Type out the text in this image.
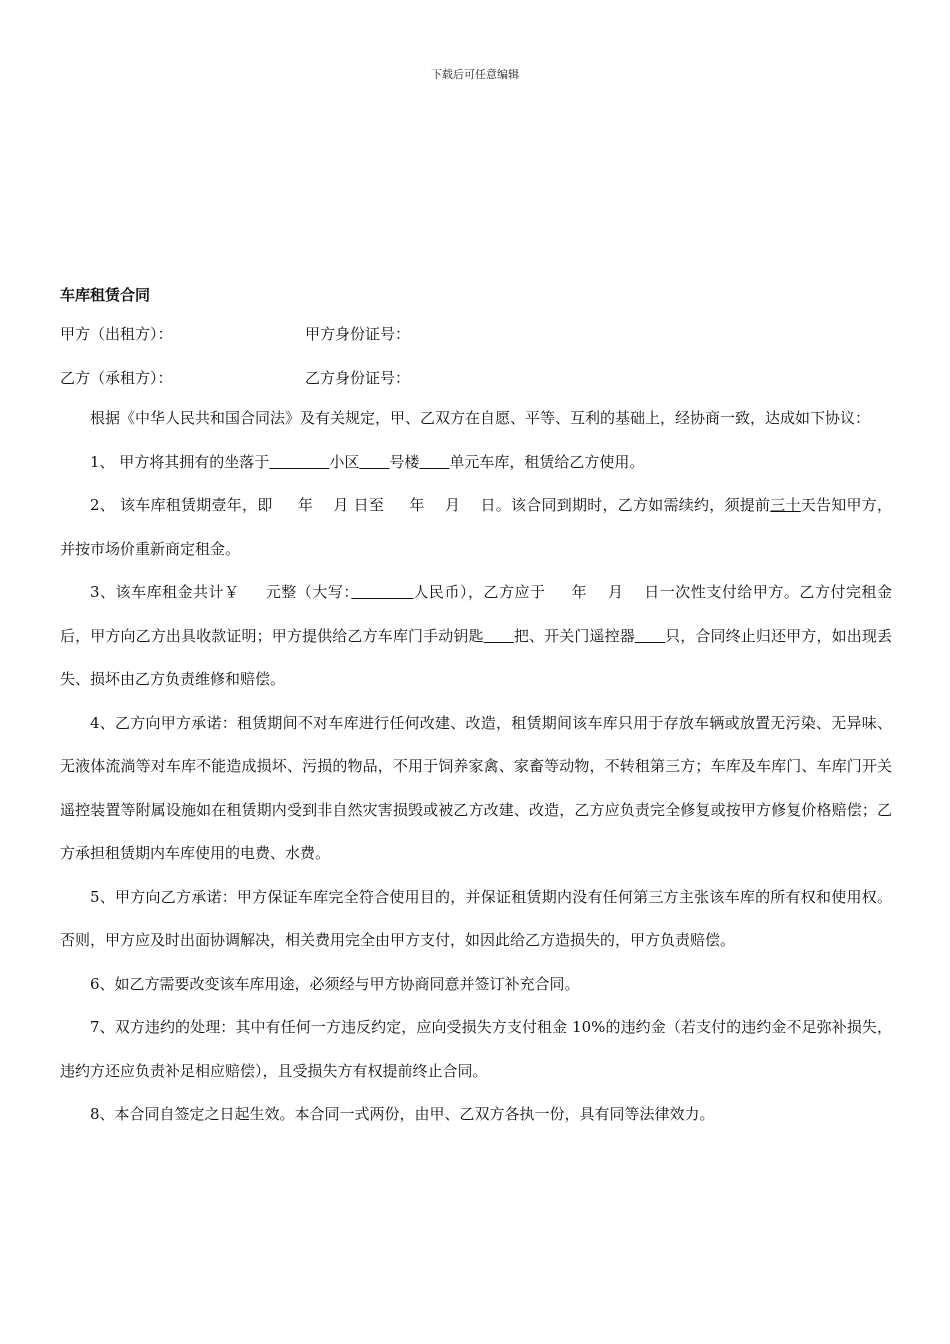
下载后可任意编辑
车库租赁合同
甲方（出租方）：	甲方身份证号：
乙方（承租方）：	乙方身份证号：

根据《中华人民共和国合同法》及有关规定，甲、乙双方在自愿、平等、互利的基础上，经协商一致，达成如下协议：

1、 甲方将其拥有的坐落于　　　　	小区　　 号楼　　 单元车库，租赁给乙方使用。

2、 该车库租赁期壹年，即 　 年 　月 日至 　 年 　月 　日。该合同到期时，乙方如需续约，须提前三十天告知甲方，并按市场价重新商定租金。

3、该车库租金共计￥ 　 元整（大写：　　　　	人民币），乙方应于 　 年 　月 　日一次性支付给甲方。乙方付完租金后，甲方向乙方出具收款证明；甲方提供给乙方车库门手动钥匙　　 把、开关门遥控器　　 只，合同终止归还甲方，如出现丢失、损坏由乙方负责维修和赔偿。

4、乙方向甲方承诺：租赁期间不对车库进行任何改建、改造，租赁期间该车库只用于存放车辆或放置无污染、无异味、无液体流淌等对车库不能造成损坏、污损的物品，不用于饲养家禽、家畜等动物，不转租第三方；车库及车库门、车库门开关遥控装置等附属设施如在租赁期内受到非自然灾害损毁或被乙方改建、改造，乙方应负责完全修复或按甲方修复价格赔偿；乙方承担租赁期内车库使用的电费、水费。

5、甲方向乙方承诺：甲方保证车库完全符合使用目的，并保证租赁期内没有任何第三方主张该车库的所有权和使用权。否则，甲方应及时出面协调解决，相关费用完全由甲方支付，如因此给乙方造损失的，甲方负责赔偿。

6、如乙方需要改变该车库用途，必须经与甲方协商同意并签订补充合同。

7、双方违约的处理：其中有任何一方违反约定，应向受损失方支付租金 10%的违约金（若支付的违约金不足弥补损失，违约方还应负责补足相应赔偿），且受损失方有权提前终止合同。

8、本合同自签定之日起生效。本合同一式两份，由甲、乙双方各执一份，具有同等法律效力。
